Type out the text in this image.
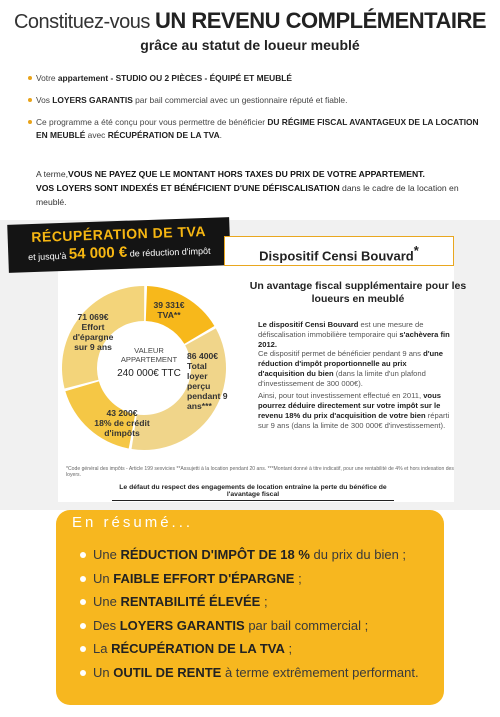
Constituez-vous UN REVENU COMPLÉMENTAIRE
grâce au statut de loueur meublé
Votre appartement - STUDIO OU 2 PIÈCES - ÉQUIPÉ ET MEUBLÉ
Vos LOYERS GARANTIS par bail commercial avec un gestionnaire réputé et fiable.
Ce programme a été conçu pour vous permettre de bénéficier DU RÉGIME FISCAL AVANTAGEUX DE LA LOCATION EN MEUBLÉ avec RÉCUPÉRATION DE LA TVA.
A terme,VOUS NE PAYEZ QUE LE MONTANT HORS TAXES DU PRIX DE VOTRE APPARTEMENT.
VOS LOYERS SONT INDEXÉS ET BÉNÉFICIENT D'UNE DÉFISCALISATION dans le cadre de la location en meublé.
RÉCUPÉRATION DE TVA
et jusqu'à 54 000 € de réduction d'impôt	Dispositif Censi Bouvard*
VALEUR
APPARTEMENT
240 000€ TTC
39 331€
TVA**
86 400€
Total loyer perçu pendant 9 ans***
43 200€
18% de crédit d'impôts
71 069€
Effort d'épargne sur 9 ans
Un avantage fiscal supplémentaire pour les loueurs en meublé
Le dispositif Censi Bouvard est une mesure de défiscalisation immobilière temporaire qui s'achèvera fin 2012.
Ce dispositif permet de bénéficier pendant 9 ans d'une réduction d'impôt proportionnelle au prix d'acquisition du bien (dans la limite d'un plafond d'investissement de 300 000€).
Ainsi, pour tout investissement effectué en 2011, vous pourrez déduire directement sur votre impôt sur le revenu 18% du prix d'acquisition de votre bien réparti sur 9 ans (dans la limite de 300 000€ d'investissement).
*Code général des impôts - Article 199 sexvicies **Assujetti à la location pendant 20 ans. ***Montant donné à titre indicatif, pour une rentabilité de 4% et hors indexation des loyers.
Le défaut du respect des engagements de location entraîne la perte du bénéfice de l'avantage fiscal
En résumé...
Une RÉDUCTION D'IMPÔT DE 18 % du prix du bien ;
Un FAIBLE EFFORT D'ÉPARGNE ;
Une RENTABILITÉ ÉLEVÉE ;
Des LOYERS GARANTIS par bail commercial ;
La RÉCUPÉRATION DE LA TVA ;
Un OUTIL DE RENTE à terme extrêmement performant.
